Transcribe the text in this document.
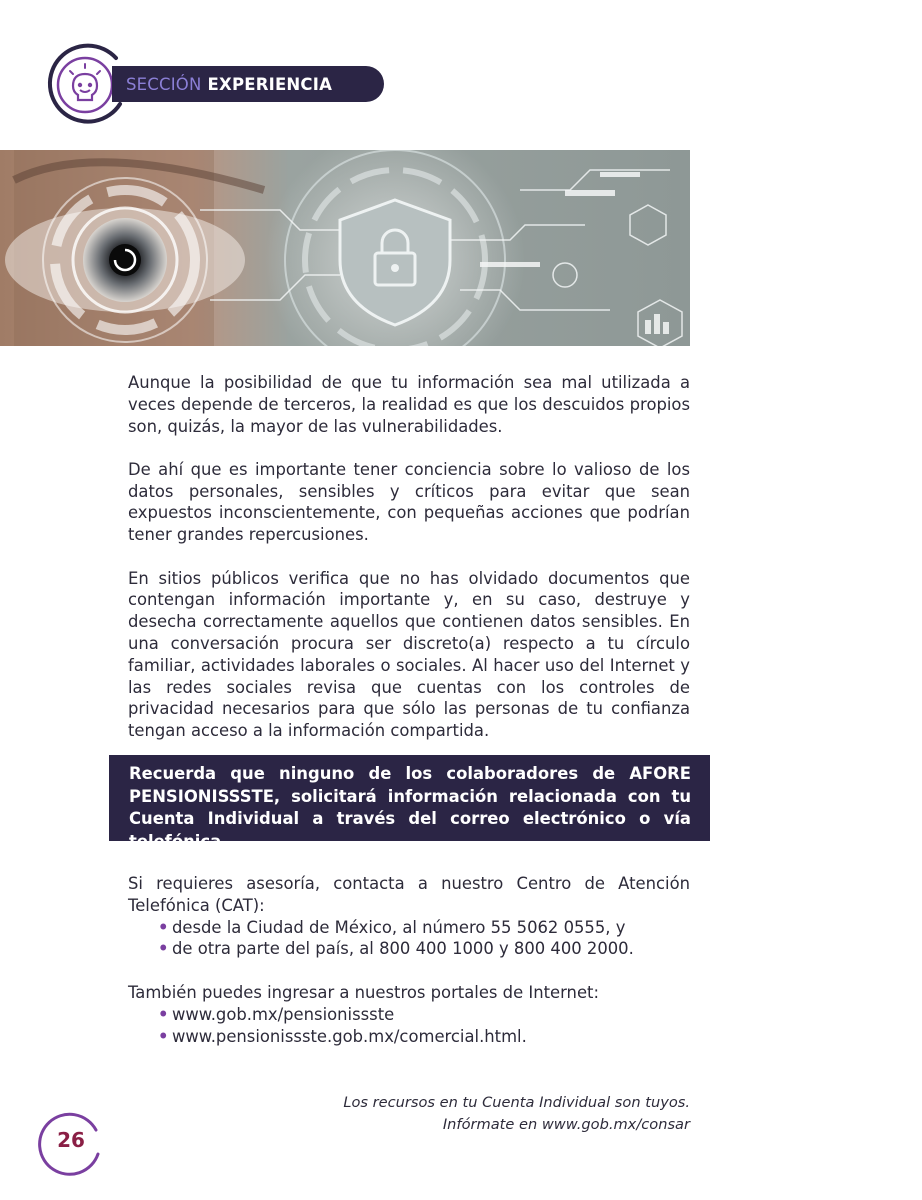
SECCIÓN EXPERIENCIA

Aunque la posibilidad de que tu información sea mal utilizada a veces depende de terceros, la realidad es que los descuidos propios son, quizás, la mayor de las vulnerabilidades.

De ahí que es importante tener conciencia sobre lo valioso de los datos personales, sensibles y críticos para evitar que sean expuestos inconscientemente, con pequeñas acciones que podrían tener grandes repercusiones.

En sitios públicos verifica que no has olvidado documentos que contengan información importante y, en su caso, destruye y desecha correctamente aquellos que contienen datos sensibles. En una conversación procura ser discreto(a) respecto a tu círculo familiar, actividades laborales o sociales. Al hacer uso del Internet y las redes sociales revisa que cuentas con los controles de privacidad necesarios para que sólo las personas de tu confianza tengan acceso a la información compartida.

Recuerda que ninguno de los colaboradores de AFORE PENSIONISSSTE, solicitará información relacionada con tu Cuenta Individual a través del correo electrónico o vía telefónica.

Si requieres asesoría, contacta a nuestro Centro de Atención Telefónica (CAT):

• desde la Ciudad de México, al número 55 5062 0555, y
• de otra parte del país, al 800 400 1000 y 800 400 2000.

También puedes ingresar a nuestros portales de Internet:

• www.gob.mx/pensionissste
• www.pensionissste.gob.mx/comercial.html.
Los recursos en tu Cuenta Individual son tuyos.
Infórmate en www.gob.mx/consar
26
